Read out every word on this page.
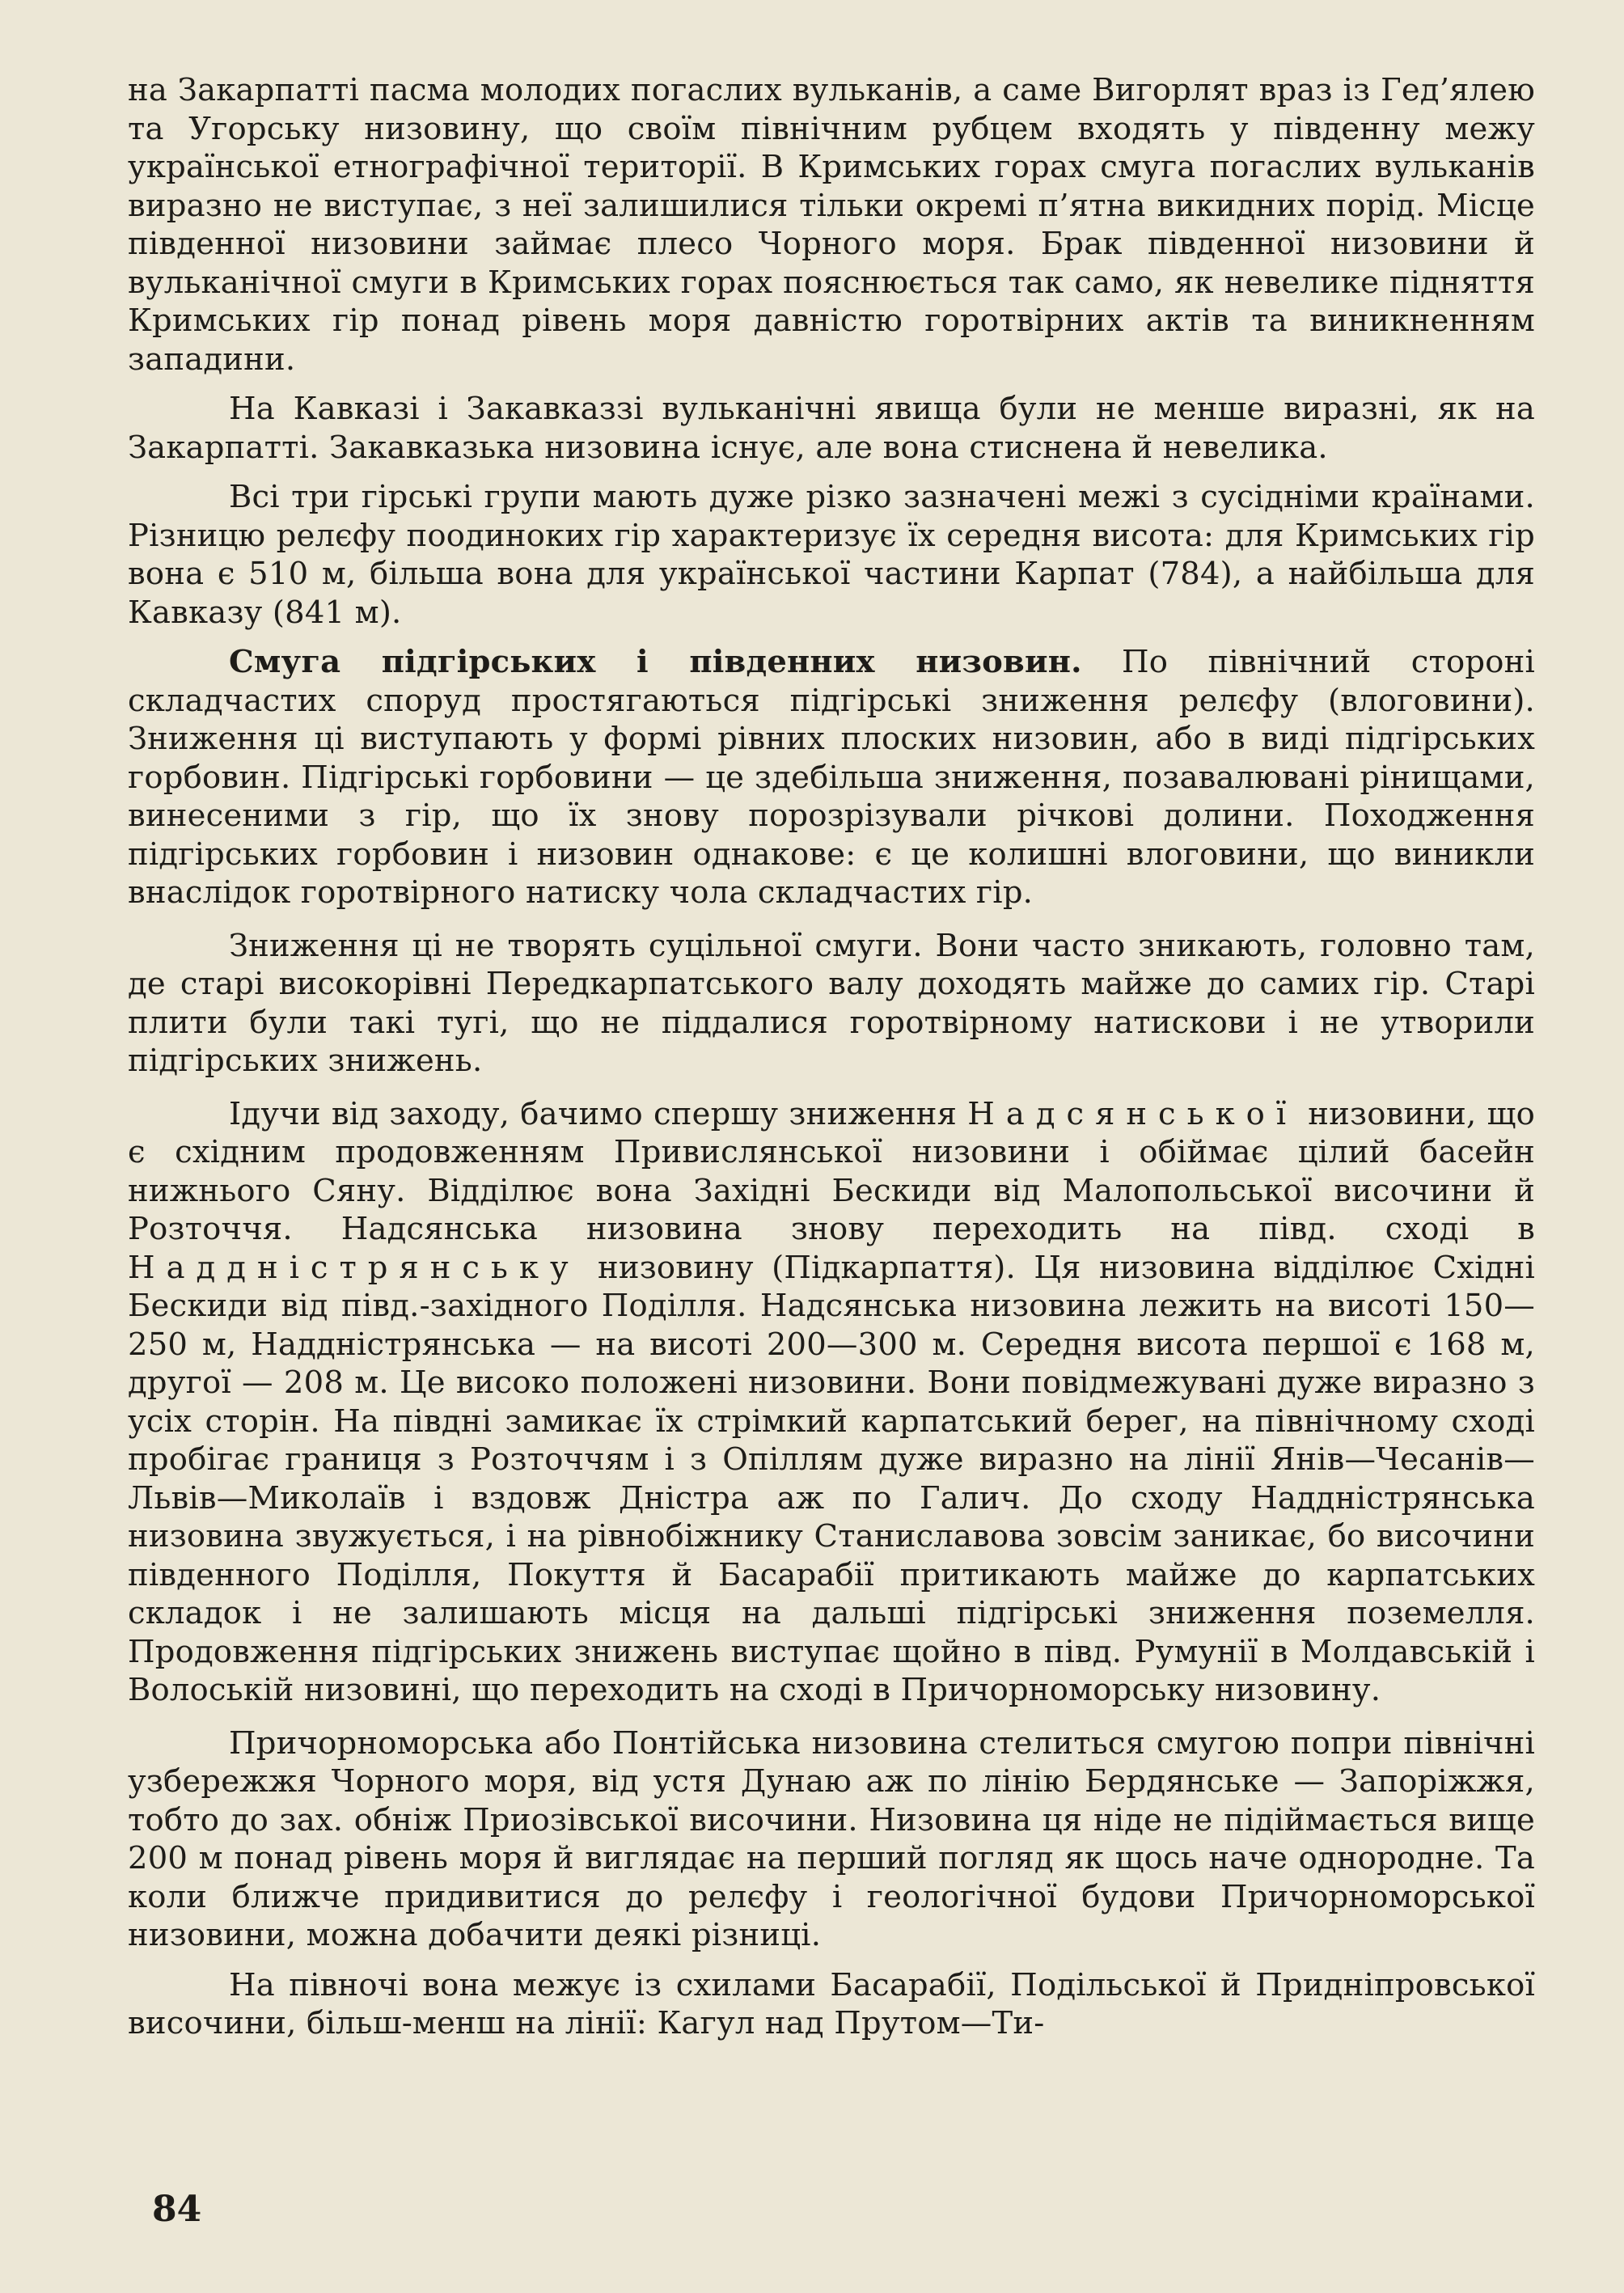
на Закарпатті пасма молодих погаслих вульканів, а саме Вигорлят враз із Гед’ялею та Угорську низовину, що своїм північним рубцем входять у південну межу української етнографічної території. В Кримських горах смуга погаслих вульканів виразно не виступає, з неї залишилися тільки окремі п’ятна викидних порід. Місце південної низовини займає плесо Чорного моря. Брак південної низовини й вульканічної смуги в Кримських горах пояснюється так само, як невелике підняття Кримських гір понад рівень моря давністю горотвірних актів та виникненням западини.

На Кавказі і Закавказзі вульканічні явища були не менше виразні, як на Закарпатті. Закавказька низовина існує, але вона стиснена й невелика.

Всі три гірські групи мають дуже різко зазначені межі з сусідніми країнами. Різницю релєфу поодиноких гір характеризує їх середня висота: для Кримських гір вона є 510 м, більша вона для української частини Карпат (784), а найбільша для Кавказу (841 м).

Смуга підгірських і південних низовин. По північний стороні складчастих споруд простягаються підгірські зниження релєфу (влоговини). Зниження ці виступають у формі рівних плоских низовин, або в виді підгірських горбовин. Підгірські горбовини — це здебільша зниження, позавалювані рінищами, винесеними з гір, що їх знову порозрізували річкові долини. Походження підгірських горбовин і низовин однакове: є це колишні влоговини, що виникли внаслідок горотвірного натиску чола складчастих гір.

Зниження ці не творять суцільної смуги. Вони часто зникають, головно там, де старі високорівні Передкарпатського валу доходять майже до самих гір. Старі плити були такі тугі, що не піддалися горотвірному натискови і не утворили підгірських знижень.

Ідучи від заходу, бачимо спершу зниження Надсянської низовини, що є східним продовженням Привислянської низовини і обіймає цілий басейн нижнього Сяну. Відділює вона Західні Бескиди від Малопольської височини й Розточчя. Надсянська низовина знову переходить на півд. сході в Наддністрянську низовину (Підкарпаття). Ця низовина відділює Східні Бескиди від півд.-західного Поділля. Надсянська низовина лежить на висоті 150—250 м, Наддністрянська — на висоті 200—300 м. Середня висота першої є 168 м, другої — 208 м. Це високо положені низовини. Вони повідмежувані дуже виразно з усіх сторін. На півдні замикає їх стрімкий карпатський берег, на північному сході пробігає границя з Розточчям і з Опіллям дуже виразно на лінії Янів—Чесанів—Львів—Миколаїв і вздовж Дністра аж по Галич. До сходу Наддністрянська низовина звужується, і на рівнобіжнику Станиславова зовсім заникає, бо височини південного Поділля, Покуття й Басарабії притикають майже до карпатських складок і не залишають місця на дальші підгірські зниження поземелля. Продовження підгірських знижень виступає щойно в півд. Румунії в Молдавській і Волоській низовині, що переходить на сході в Причорноморську низовину.

Причорноморська або Понтійська низовина стелиться смугою попри північні узбережжя Чорного моря, від устя Дунаю аж по лінію Бердянське — Запоріжжя, тобто до зах. обніж Приозівської височини. Низовина ця ніде не підіймається вище 200 м понад рівень моря й виглядає на перший погляд як щось наче однородне. Та коли ближче придивитися до релєфу і геологічної будови Причорноморської низовини, можна добачити деякі різниці.

На півночі вона межує із схилами Басарабії, Подільської й Придніпровської височини, більш-менш на лінії: Кагул над Прутом—Ти-

84
